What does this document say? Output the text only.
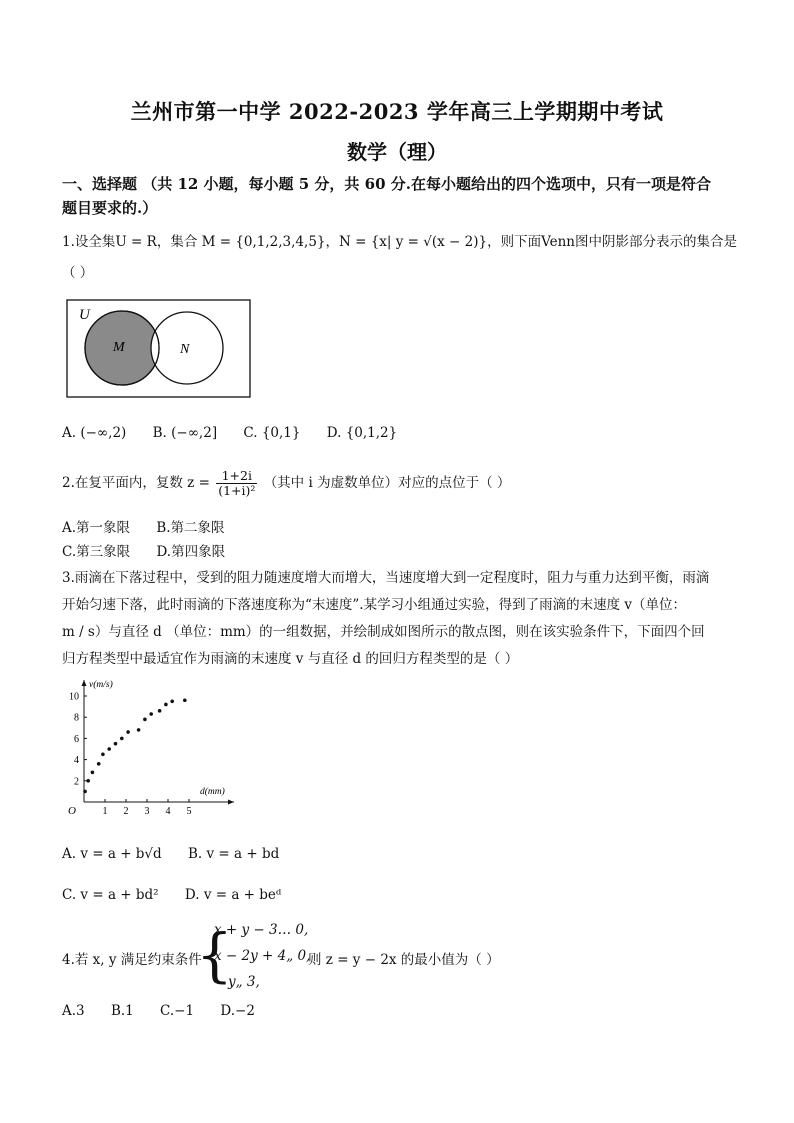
兰州市第一中学 2022-2023 学年高三上学期期中考试
数学（理）
一、选择题 （共 12 小题，每小题 5 分，共 60 分.在每小题给出的四个选项中，只有一项是符合
题目要求的.）
1.设全集U = R，集合 M = {0,1,2,3,4,5}，N = {x| y = √(x − 2)}，则下面Venn图中阴影部分表示的集合是
（ ）
U
M	N
A. (−∞,2) B. (−∞,2] C. {0,1} D. {0,1,2}
2.在复平面内，复数 $z = \frac{1+2i}{\text{(1+i)²}}$ （其中 i 为虚数单位）对应的点位于（ ）
A.第一象限 B.第二象限
C.第三象限 D.第四象限
3.雨滴在下落过程中，受到的阻力随速度增大而增大，当速度增大到一定程度时，阻力与重力达到平衡，雨滴
开始匀速下落，此时雨滴的下落速度称为“末速度”.某学习小组通过实验，得到了雨滴的末速度 v（单位：
m / s）与直径 d （单位：mm）的一组数据，并绘制成如图所示的散点图，则在该实验条件下，下面四个回
归方程类型中最适宜作为雨滴的末速度 v 与直径 d 的回归方程类型的是（ ）
1 2 3 4 5
2
4
6
8
10
O
v(m/s)
d(mm)
A. v = a + b√d B. v = a + bd
C. v = a + bd² D. v = a + beᵈ
4.若 x, y 满足约束条件
{
x + y − 3… 0,
x − 2y + 4„ 0,
y„ 3,
则 z = y − 2x 的最小值为（ ）
A.3 B.1 C.−1 D.−2
